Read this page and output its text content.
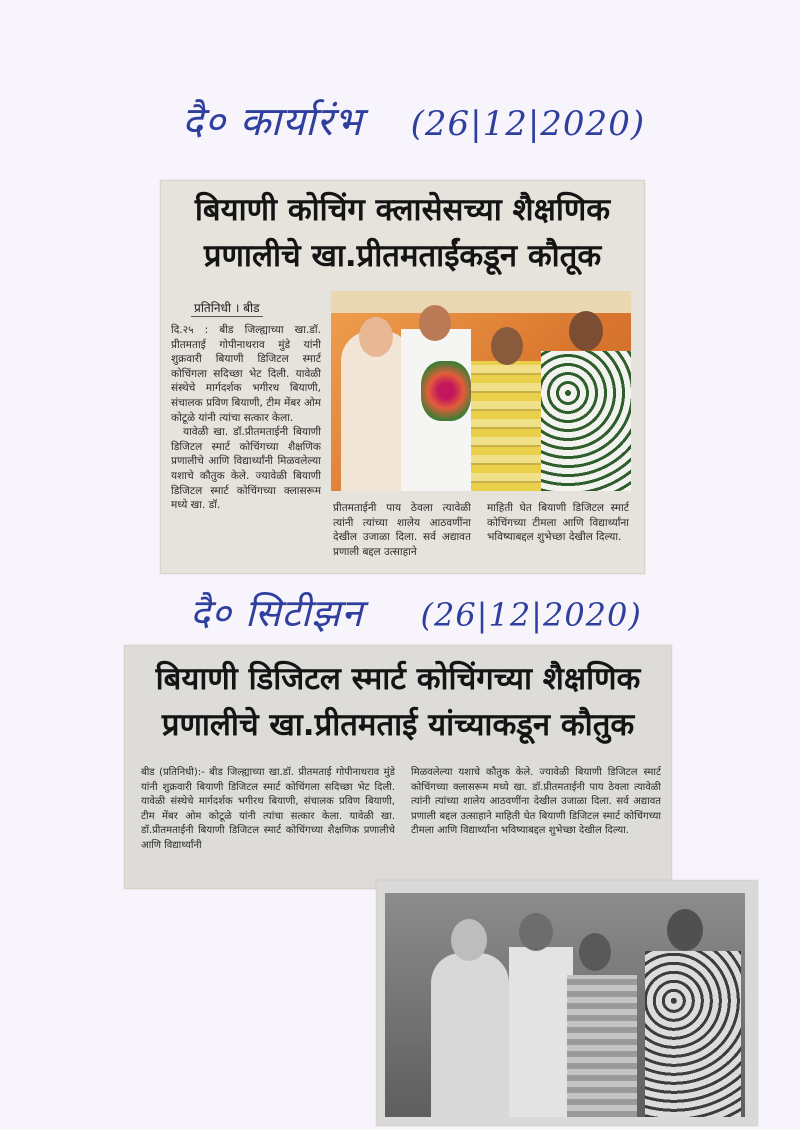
दै० कार्यारंभ (26|12|2020)
बियाणी कोचिंग क्लासेसच्या शैक्षणिक
प्रणालीचे खा.प्रीतमताईंकडून कौतूक
प्रतिनिधी । बीड
दि.२५ : बीड जिल्ह्याच्या खा.डॉ. प्रीतमताई गोपीनाथराव मुंडे यांनी शुक्रवारी बियाणी डिजिटल स्मार्ट कोचिंगला सदिच्छा भेट दिली. यावेळी संस्थेचे मार्गदर्शक भगीरथ बियाणी, संचालक प्रविण बियाणी, टीम मेंबर ओम कोटूळे यांनी त्यांचा सत्कार केला.
यावेळी खा. डॉ.प्रीतमताईनी बियाणी डिजिटल स्मार्ट कोचिंगच्या शैक्षणिक प्रणालीचे आणि विद्यार्थ्यांनी मिळवलेल्या यशाचे कौतुक केले. ज्यावेळी बियाणी डिजिटल स्मार्ट कोचिंगच्या क्लासरूम मध्ये खा. डॉ.	प्रीतमताईनी पाय ठेवला त्यावेळी त्यांनी त्यांच्या शालेय आठवणींना देखील उजाळा दिला. सर्व अद्यावत प्रणाली बद्दल उत्साहाने
माहिती घेत बियाणी डिजिटल स्मार्ट कोचिंगच्या टीमला आणि विद्यार्थ्यांना भविष्याबद्दल शुभेच्छा देखील दिल्या.
दै० सिटीझन (26|12|2020)
बियाणी डिजिटल स्मार्ट कोचिंगच्या शैक्षणिक
प्रणालीचे खा.प्रीतमताई यांच्याकडून कौतुक
बीड (प्रतिनिधी):- बीड जिल्ह्याच्या खा.डॉ. प्रीतमताई गोपीनाथराव मुंडे यांनी शुक्रवारी बियाणी डिजिटल स्मार्ट कोचिंगला सदिच्छा भेट दिली. यावेळी संस्थेचे मार्गदर्शक भगीरथ बियाणी, संचालक प्रविण बियाणी, टीम मेंबर ओम कोटूळे यांनी त्यांचा सत्कार केला. यावेळी खा. डॉ.प्रीतमताईनी बियाणी डिजिटल स्मार्ट कोचिंगच्या शैक्षणिक प्रणालीचे आणि विद्यार्थ्यांनी
मिळवलेल्या यशाचे कौतुक केले. ज्यावेळी बियाणी डिजिटल स्मार्ट कोचिंगच्या क्लासरूम मध्ये खा. डॉ.प्रीतमताईनी पाय ठेवला त्यावेळी त्यांनी त्यांच्या शालेय आठवणींना देखील उजाळा दिला. सर्व अद्यावत प्रणाली बद्दल उत्साहाने माहिती घेत बियाणी डिजिटल स्मार्ट कोचिंगच्या टीमला आणि विद्यार्थ्यांना भविष्याबद्दल शुभेच्छा देखील दिल्या.
